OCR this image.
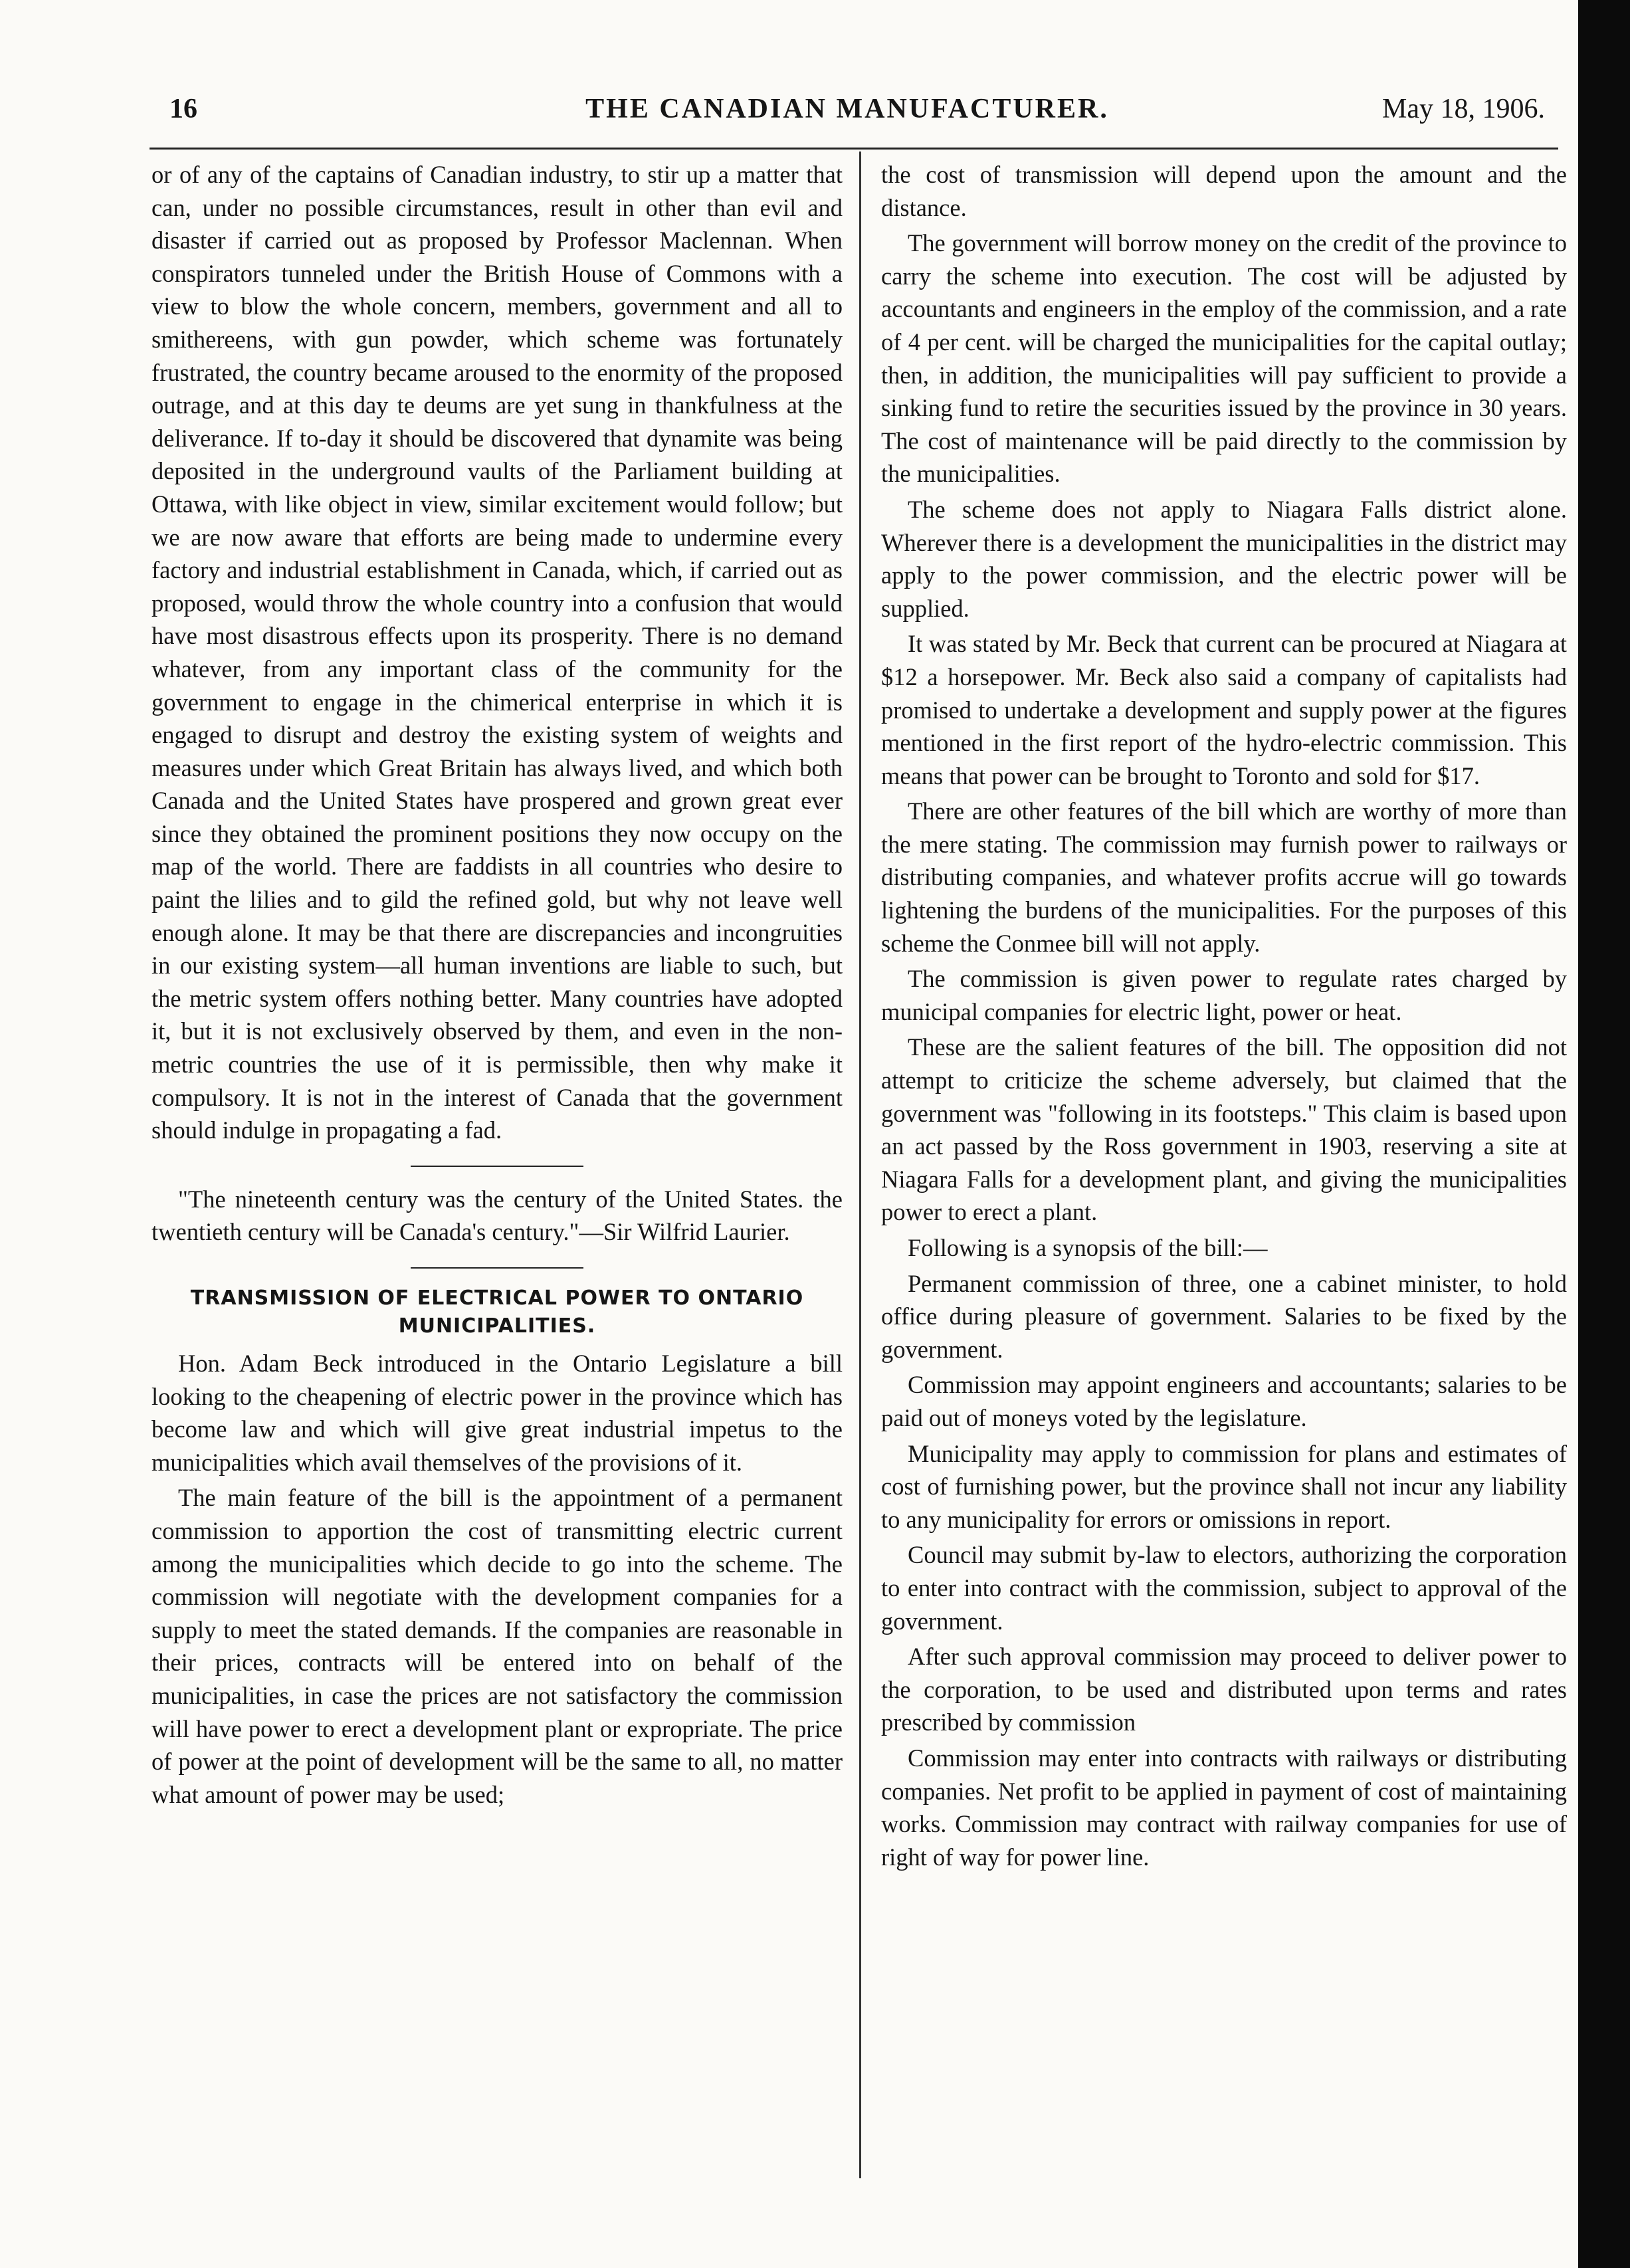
16	THE CANADIAN MANUFACTURER.	May 18, 1906.

or of any of the captains of Canadian industry, to stir up a matter that can, under no possible circumstances, result in other than evil and disaster if carried out as proposed by Professor Maclennan. When conspirators tunneled under the British House of Commons with a view to blow the whole concern, members, government and all to smithereens, with gun powder, which scheme was fortunately frustrated, the country became aroused to the enormity of the proposed outrage, and at this day te deums are yet sung in thankfulness at the deliverance. If to-day it should be discovered that dynamite was being deposited in the underground vaults of the Parliament building at Ottawa, with like object in view, similar excitement would follow; but we are now aware that efforts are being made to undermine every factory and industrial establishment in Canada, which, if carried out as proposed, would throw the whole country into a confusion that would have most disastrous effects upon its prosperity. There is no demand whatever, from any important class of the community for the government to engage in the chimerical enterprise in which it is engaged to disrupt and destroy the existing system of weights and measures under which Great Britain has always lived, and which both Canada and the United States have prospered and grown great ever since they obtained the prominent positions they now occupy on the map of the world. There are faddists in all countries who desire to paint the lilies and to gild the refined gold, but why not leave well enough alone. It may be that there are discrepancies and incongruities in our existing system—all human inventions are liable to such, but the metric system offers nothing better. Many countries have adopted it, but it is not exclusively observed by them, and even in the non-metric countries the use of it is permissible, then why make it compulsory. It is not in the interest of Canada that the government should indulge in propagating a fad.

"The nineteenth century was the century of the United States. the twentieth century will be Canada's century."—Sir Wilfrid Laurier.

TRANSMISSION OF ELECTRICAL POWER TO ONTARIO MUNICIPALITIES.

Hon. Adam Beck introduced in the Ontario Legislature a bill looking to the cheapening of electric power in the province which has become law and which will give great industrial impetus to the municipalities which avail themselves of the provisions of it.

The main feature of the bill is the appointment of a permanent commission to apportion the cost of transmitting electric current among the municipalities which decide to go into the scheme. The commission will negotiate with the development companies for a supply to meet the stated demands. If the companies are reasonable in their prices, contracts will be entered into on behalf of the municipalities, in case the prices are not satisfactory the commission will have power to erect a development plant or expropriate. The price of power at the point of development will be the same to all, no matter what amount of power may be used;

the cost of transmission will depend upon the amount and the distance.

The government will borrow money on the credit of the province to carry the scheme into execution. The cost will be adjusted by accountants and engineers in the employ of the commission, and a rate of 4 per cent. will be charged the municipalities for the capital outlay; then, in addition, the municipalities will pay sufficient to provide a sinking fund to retire the securities issued by the province in 30 years. The cost of maintenance will be paid directly to the commission by the municipalities.

The scheme does not apply to Niagara Falls district alone. Wherever there is a development the municipalities in the district may apply to the power commission, and the electric power will be supplied.

It was stated by Mr. Beck that current can be procured at Niagara at $12 a horsepower. Mr. Beck also said a company of capitalists had promised to undertake a development and supply power at the figures mentioned in the first report of the hydro-electric commission. This means that power can be brought to Toronto and sold for $17.

There are other features of the bill which are worthy of more than the mere stating. The commission may furnish power to railways or distributing companies, and whatever profits accrue will go towards lightening the burdens of the municipalities. For the purposes of this scheme the Conmee bill will not apply.

The commission is given power to regulate rates charged by municipal companies for electric light, power or heat.

These are the salient features of the bill. The opposition did not attempt to criticize the scheme adversely, but claimed that the government was "following in its footsteps." This claim is based upon an act passed by the Ross government in 1903, reserving a site at Niagara Falls for a development plant, and giving the municipalities power to erect a plant.

Following is a synopsis of the bill:—

Permanent commission of three, one a cabinet minister, to hold office during pleasure of government. Salaries to be fixed by the government.

Commission may appoint engineers and accountants; salaries to be paid out of moneys voted by the legislature.

Municipality may apply to commission for plans and estimates of cost of furnishing power, but the province shall not incur any liability to any municipality for errors or omissions in report.

Council may submit by-law to electors, authorizing the corporation to enter into contract with the commission, subject to approval of the government.

After such approval commission may proceed to deliver power to the corporation, to be used and distributed upon terms and rates prescribed by commission

Commission may enter into contracts with railways or distributing companies. Net profit to be applied in payment of cost of maintaining works. Commission may contract with railway companies for use of right of way for power line.
